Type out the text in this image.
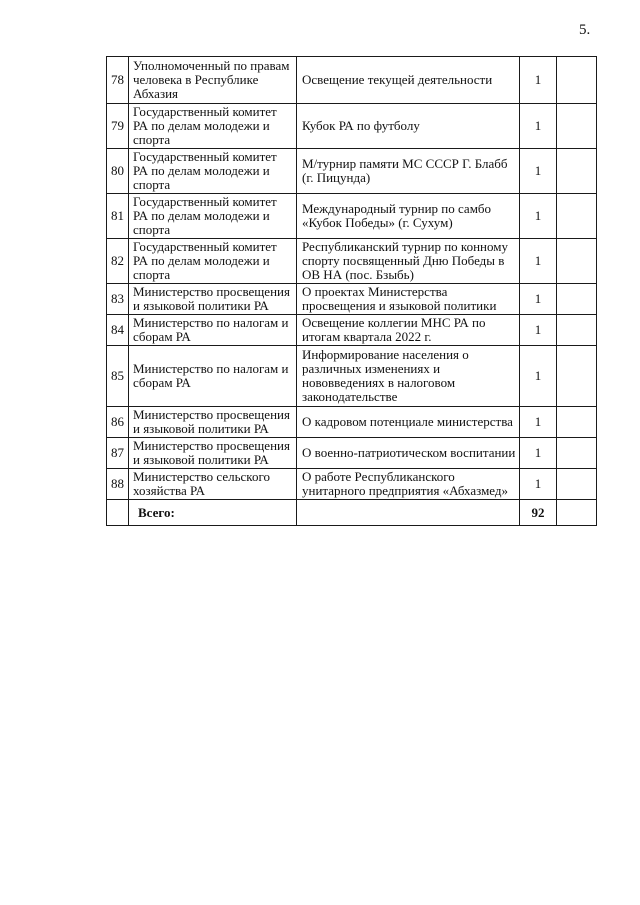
5.
78	Уполномоченный по правам
человека в Республике
Абхазия	Освещение текущей деятельности	1	
79	Государственный комитет
РА по делам молодежи и
спорта	Кубок РА по футболу	1	
80	Государственный комитет
РА по делам молодежи и
спорта	М/турнир памяти МС СССР Г. Блабб
(г. Пицунда)	1	
81	Государственный комитет
РА по делам молодежи и
спорта	Международный турнир по самбо
«Кубок Победы» (г. Сухум)	1	
82	Государственный комитет
РА по делам молодежи и
спорта	Республиканский турнир по конному
спорту посвященный Дню Победы в
ОВ НА (пос. Бзыбь)	1	
83	Министерство просвещения
и языковой политики РА	О проектах Министерства
просвещения и языковой политики	1	
84	Министерство по налогам и
сборам РА	Освещение коллегии МНС РА по
итогам квартала 2022 г.	1	
85	Министерство по налогам и
сборам РА	Информирование населения о
различных изменениях и
нововведениях в налоговом
законодательстве	1	
86	Министерство просвещения
и языковой политики РА	О кадровом потенциале министерства	1	
87	Министерство просвещения
и языковой политики РА	О военно-патриотическом воспитании	1	
88	Министерство сельского
хозяйства РА	О работе Республиканского
унитарного предприятия «Абхазмед»	1	
	Всего:		92	
